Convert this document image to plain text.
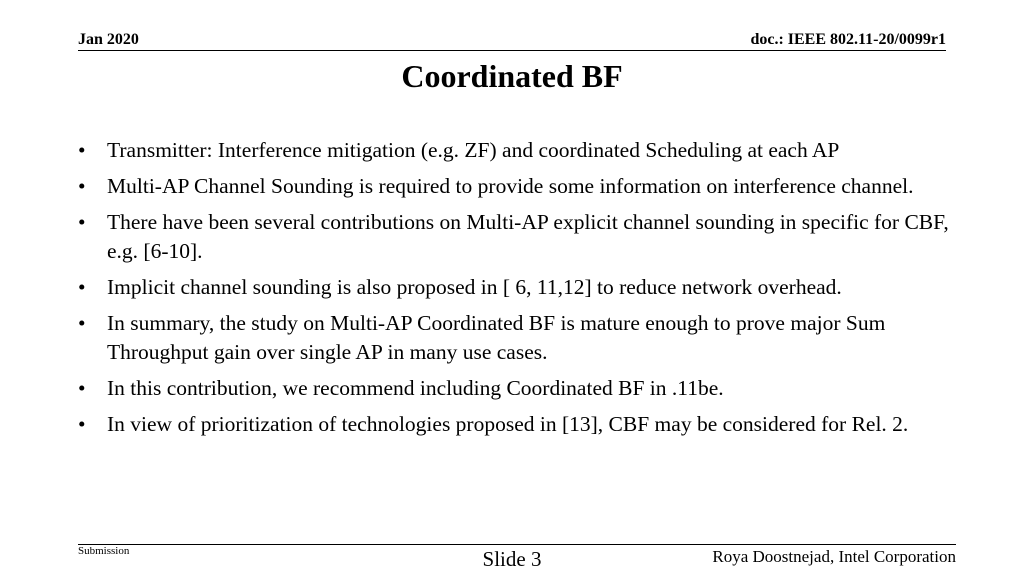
Jan 2020	doc.: IEEE 802.11-20/0099r1
Coordinated BF
• Transmitter: Interference mitigation (e.g. ZF) and coordinated Scheduling at each AP
• Multi-AP Channel Sounding is required to provide some information on interference channel.
• There have been several contributions on Multi-AP explicit channel sounding in specific for CBF, e.g. [6-10].
• Implicit channel sounding is also proposed in [ 6, 11,12] to reduce network overhead.
• In summary, the study on Multi-AP Coordinated BF is mature enough to prove major Sum Throughput gain over single AP in many use cases.
• In this contribution, we recommend including Coordinated BF in .11be.
• In view of prioritization of technologies proposed in [13], CBF may be considered for Rel. 2.
Submission	Slide 3	Roya Doostnejad, Intel Corporation
